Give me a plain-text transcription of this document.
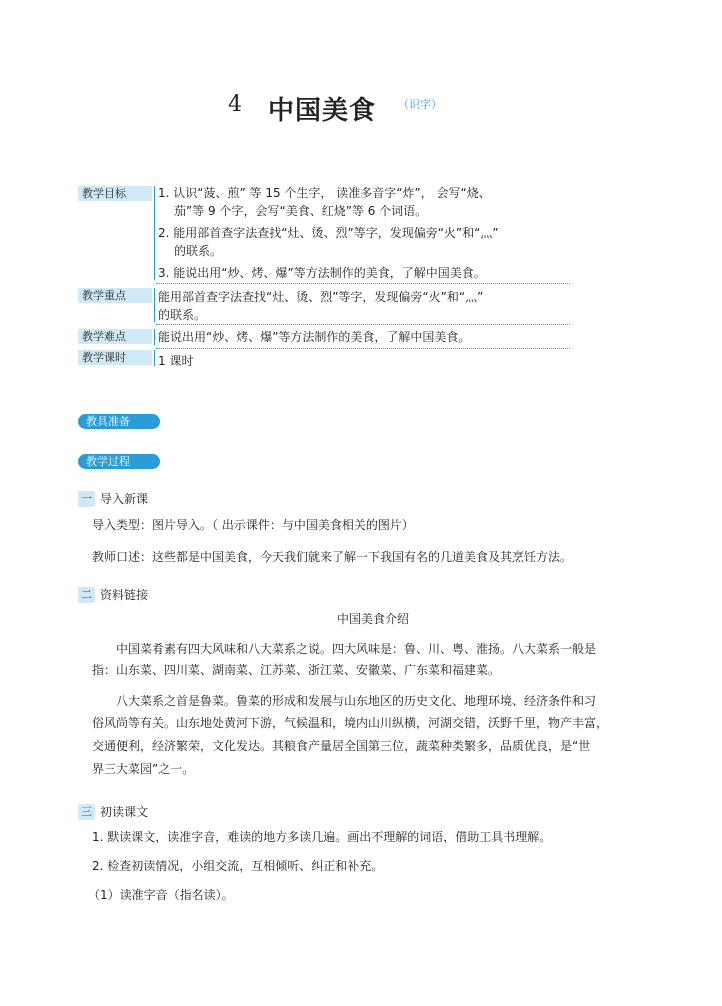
4 中国美食 （识字）
教学目标	1. 认识“菠、煎” 等 15 个生字， 读准多音字“炸”， 会写“烧、
茄”等 9 个字，会写“美食、红烧”等 6 个词语。
2. 能用部首查字法查找“灶、烫、烈”等字，发现偏旁“火”和“灬”
的联系。
3. 能说出用“炒、烤、爆”等方法制作的美食，了解中国美食。
教学重点	能用部首查字法查找“灶、烫、烈”等字，发现偏旁“火”和“灬”
的联系。
教学难点	能说出用“炒、烤、爆”等方法制作的美食，了解中国美食。
教学课时	1 课时
教具准备
教学过程
一 导入新课
导入类型：图片导入。（ 出示课件：与中国美食相关的图片）
教师口述：这些都是中国美食，今天我们就来了解一下我国有名的几道美食及其烹饪方法。
二 资料链接
中国美食介绍
中国菜肴素有四大风味和八大菜系之说。四大风味是：鲁、川、粤、淮扬。八大菜系一般是
指：山东菜、四川菜、湖南菜、江苏菜、浙江菜、安徽菜、广东菜和福建菜。
八大菜系之首是鲁菜。鲁菜的形成和发展与山东地区的历史文化、地理环境、经济条件和习
俗风尚等有关。山东地处黄河下游，气候温和，境内山川纵横，河湖交错，沃野千里，物产丰富，
交通便利，经济繁荣，文化发达。其粮食产量居全国第三位，蔬菜种类繁多，品质优良，是“世
界三大菜园”之一。
三 初读课文
1. 默读课文，读准字音，难读的地方多读几遍。画出不理解的词语，借助工具书理解。
2. 检查初读情况，小组交流，互相倾听、纠正和补充。
（1）读准字音（指名读）。
